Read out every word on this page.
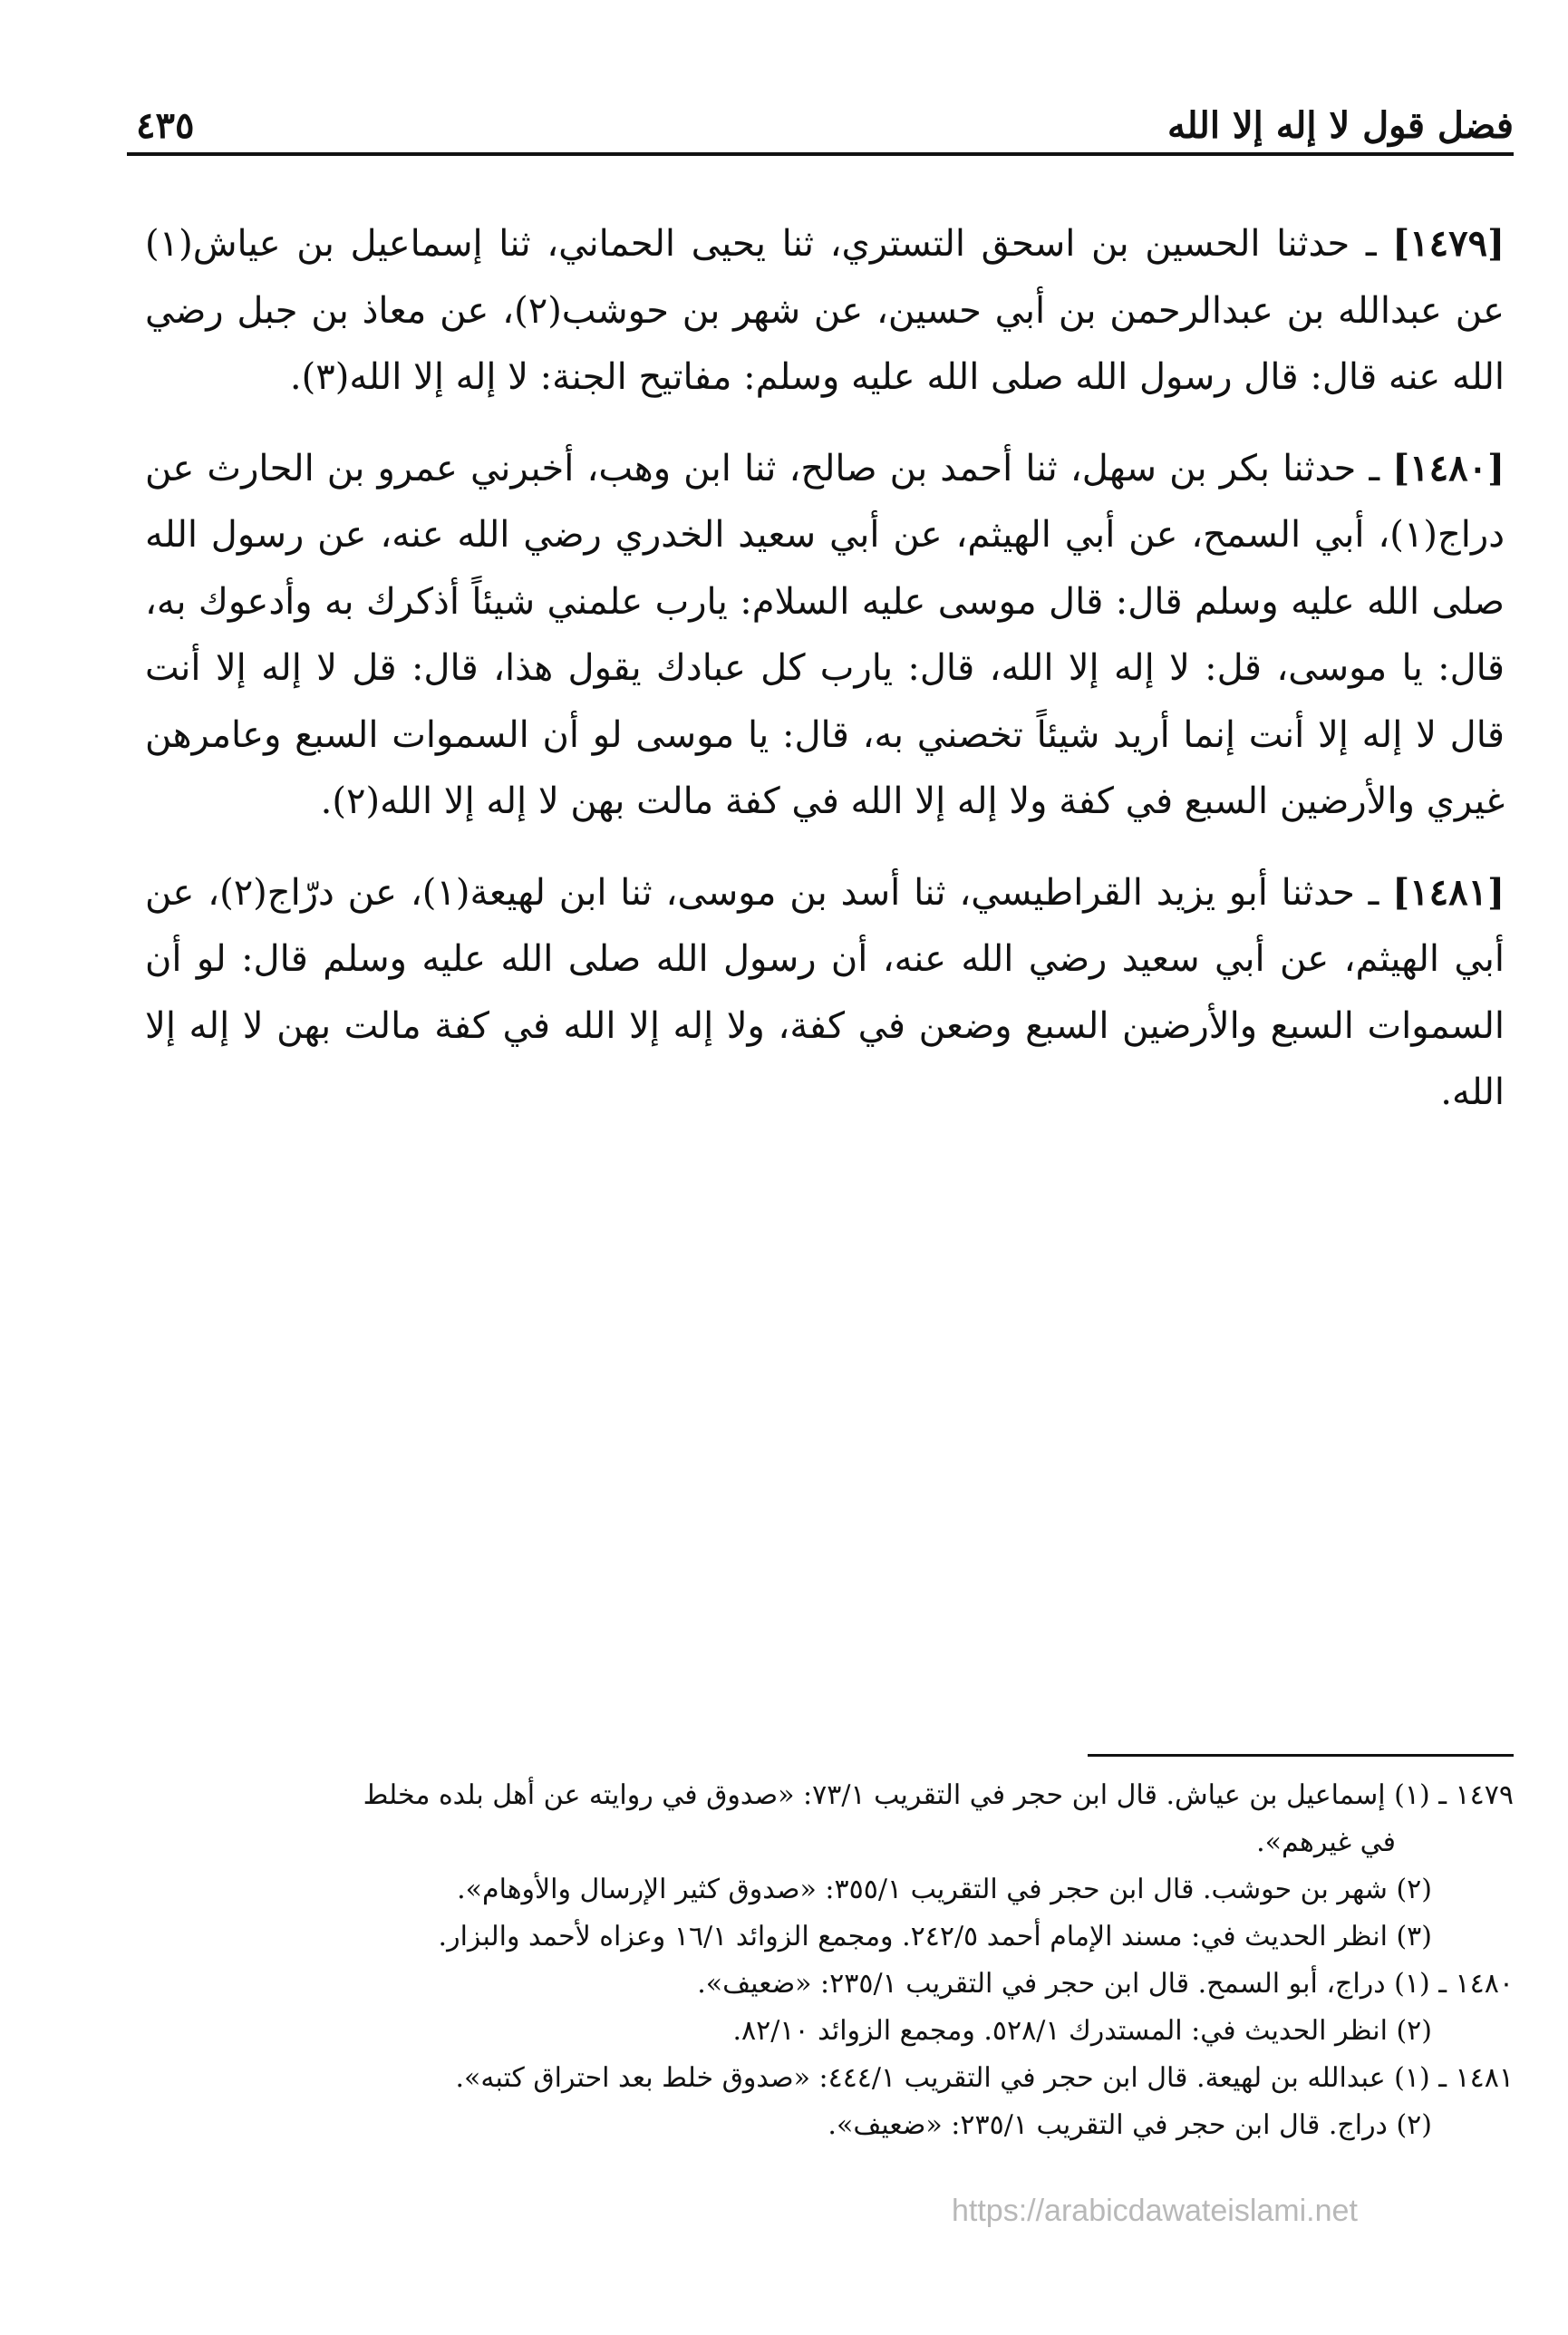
فضل قول لا إله إلا الله
٤٣٥

[١٤٧٩] ـ حدثنا الحسين بن اسحق التستري، ثنا يحيى الحماني، ثنا إسماعيل بن عياش(١) عن عبدالله بن عبدالرحمن بن أبي حسين، عن شهر بن حوشب(٢)، عن معاذ بن جبل رضي الله عنه قال: قال رسول الله صلى الله عليه وسلم: مفاتيح الجنة: لا إله إلا الله(٣).

[١٤٨٠] ـ حدثنا بكر بن سهل، ثنا أحمد بن صالح، ثنا ابن وهب، أخبرني عمرو بن الحارث عن دراج(١)، أبي السمح، عن أبي الهيثم، عن أبي سعيد الخدري رضي الله عنه، عن رسول الله صلى الله عليه وسلم قال: قال موسى عليه السلام: يارب علمني شيئاً أذكرك به وأدعوك به، قال: يا موسى، قل: لا إله إلا الله، قال: يارب كل عبادك يقول هذا، قال: قل لا إله إلا أنت قال لا إله إلا أنت إنما أريد شيئاً تخصني به، قال: يا موسى لو أن السموات السبع وعامرهن غيري والأرضين السبع في كفة ولا إله إلا الله في كفة مالت بهن لا إله إلا الله(٢).

[١٤٨١] ـ حدثنا أبو يزيد القراطيسي، ثنا أسد بن موسى، ثنا ابن لهيعة(١)، عن درّاج(٢)، عن أبي الهيثم، عن أبي سعيد رضي الله عنه، أن رسول الله صلى الله عليه وسلم قال: لو أن السموات السبع والأرضين السبع وضعن في كفة، ولا إله إلا الله في كفة مالت بهن لا إله إلا الله.

١٤٧٩ ـ (١) إسماعيل بن عياش. قال ابن حجر في التقريب ٧٣/١: «صدوق في روايته عن أهل بلده مخلط

في غيرهم».

(٢) شهر بن حوشب. قال ابن حجر في التقريب ٣٥٥/١: «صدوق كثير الإرسال والأوهام».

(٣) انظر الحديث في: مسند الإمام أحمد ٢٤٢/٥. ومجمع الزوائد ١٦/١ وعزاه لأحمد والبزار.

١٤٨٠ ـ (١) دراج، أبو السمح. قال ابن حجر في التقريب ٢٣٥/١: «ضعيف».

(٢) انظر الحديث في: المستدرك ٥٢٨/١. ومجمع الزوائد ٨٢/١٠.

١٤٨١ ـ (١) عبدالله بن لهيعة. قال ابن حجر في التقريب ٤٤٤/١: «صدوق خلط بعد احتراق كتبه».

(٢) دراج. قال ابن حجر في التقريب ٢٣٥/١: «ضعيف».

https://arabicdawateislami.net
